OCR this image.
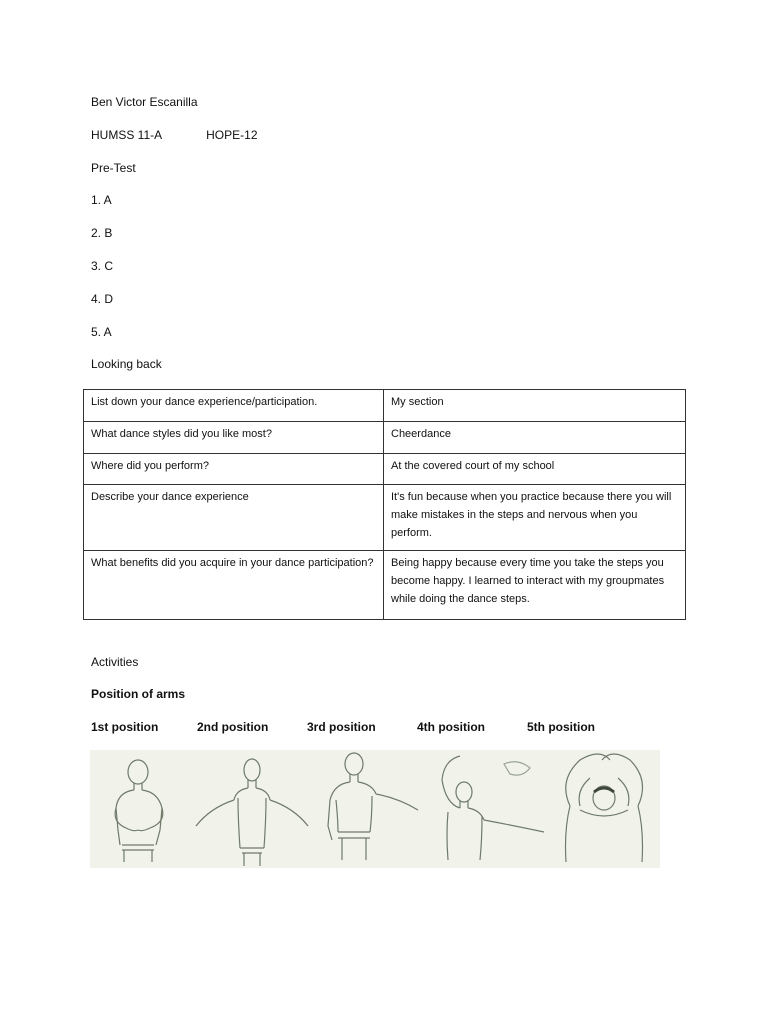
Ben Victor Escanilla
HUMSS 11-A	HOPE-12
Pre-Test
1. A
2. B
3. C
4. D
5. A
Looking back
List down your dance experience/participation.	My section
What dance styles did you like most?	Cheerdance
Where did you perform?	At the covered court of my school
Describe your dance experience	It's fun because when you practice because there you will make mistakes in the steps and nervous when you perform.
What benefits did you acquire in your dance participation?	Being happy because every time you take the steps you become happy. I learned to interact with my groupmates while doing the dance steps.
Activities
Position of arms
1st position	2nd position	3rd position	4th position	5th position
